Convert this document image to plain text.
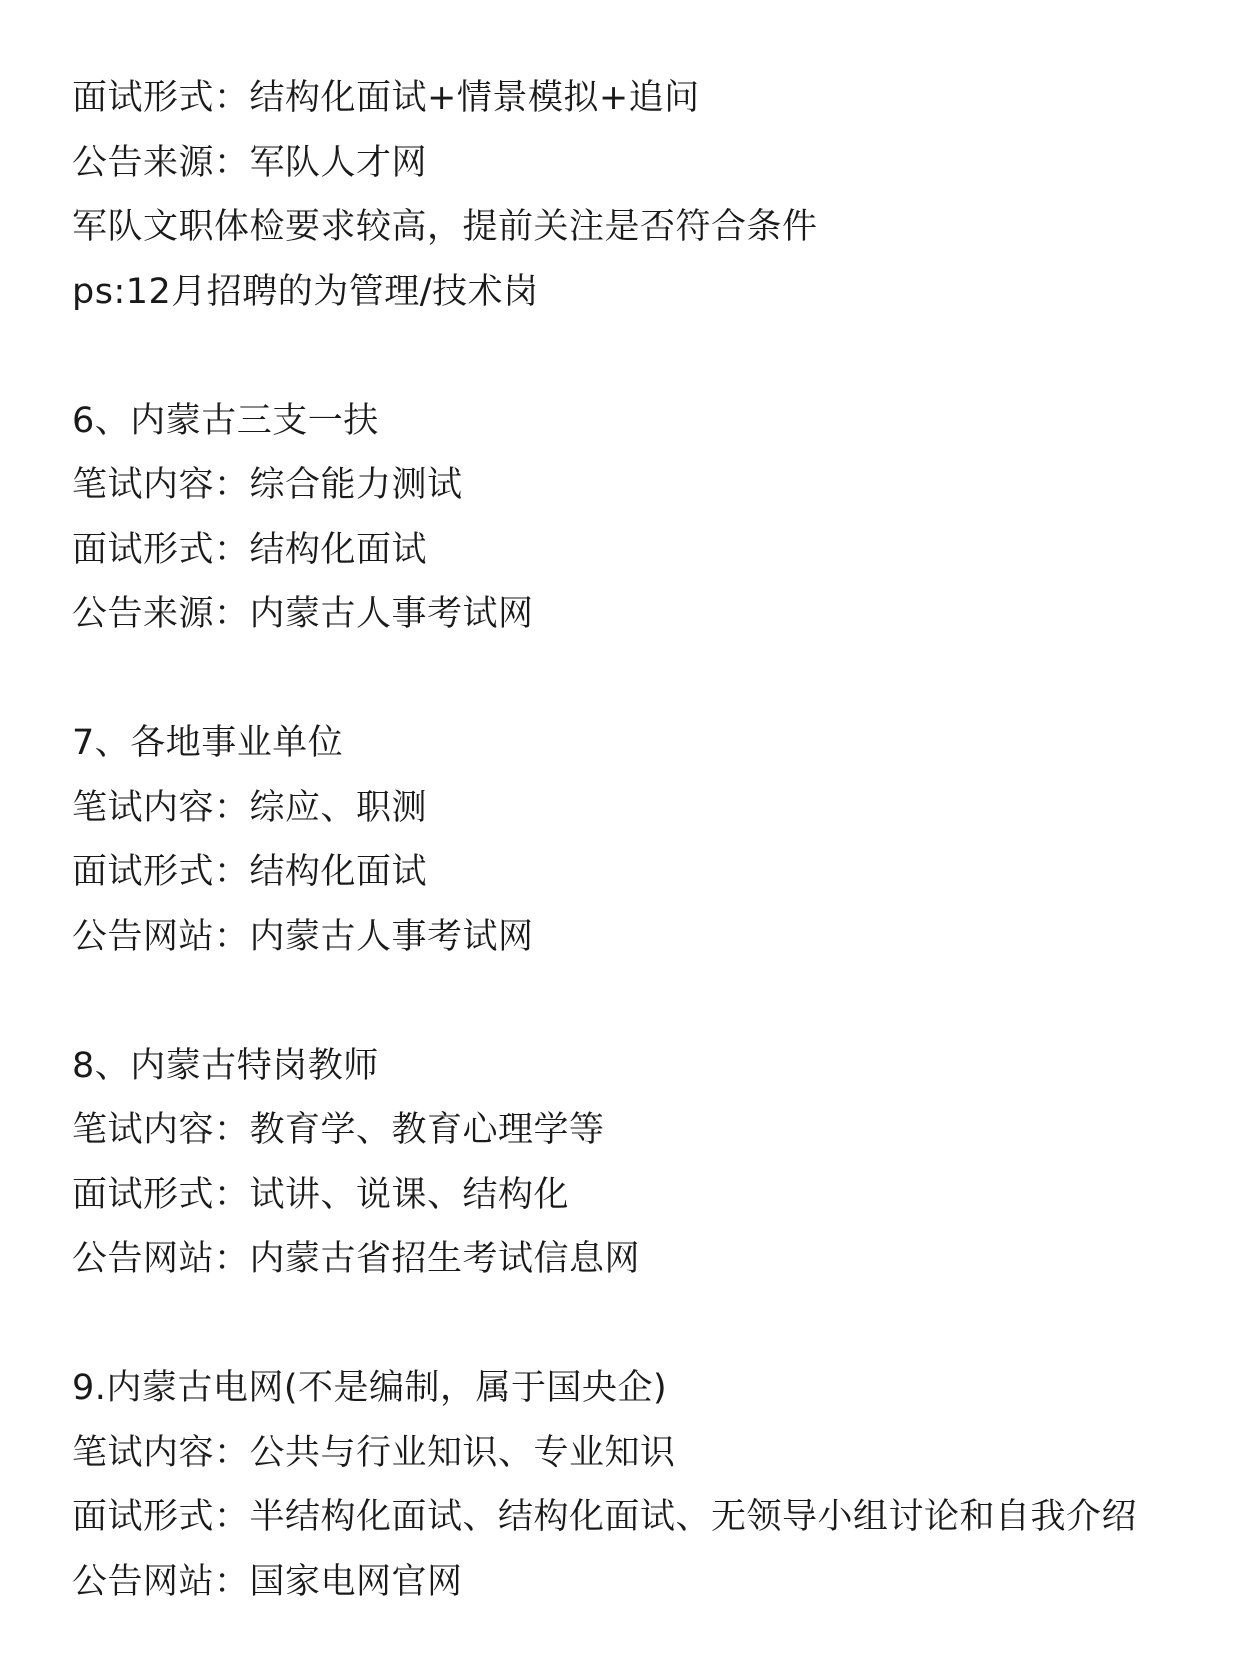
面试形式：结构化面试+情景模拟+追问
公告来源：军队人才网
军队文职体检要求较高，提前关注是否符合条件
ps:12月招聘的为管理/技术岗
6、内蒙古三支一扶
笔试内容：综合能力测试
面试形式：结构化面试
公告来源：内蒙古人事考试网
7、各地事业单位
笔试内容：综应、职测
面试形式：结构化面试
公告网站：内蒙古人事考试网
8、内蒙古特岗教师
笔试内容：教育学、教育心理学等
面试形式：试讲、说课、结构化
公告网站：内蒙古省招生考试信息网
9.内蒙古电网(不是编制，属于国央企)
笔试内容：公共与行业知识、专业知识
面试形式：半结构化面试、结构化面试、无领导小组讨论和自我介绍
公告网站：国家电网官网
